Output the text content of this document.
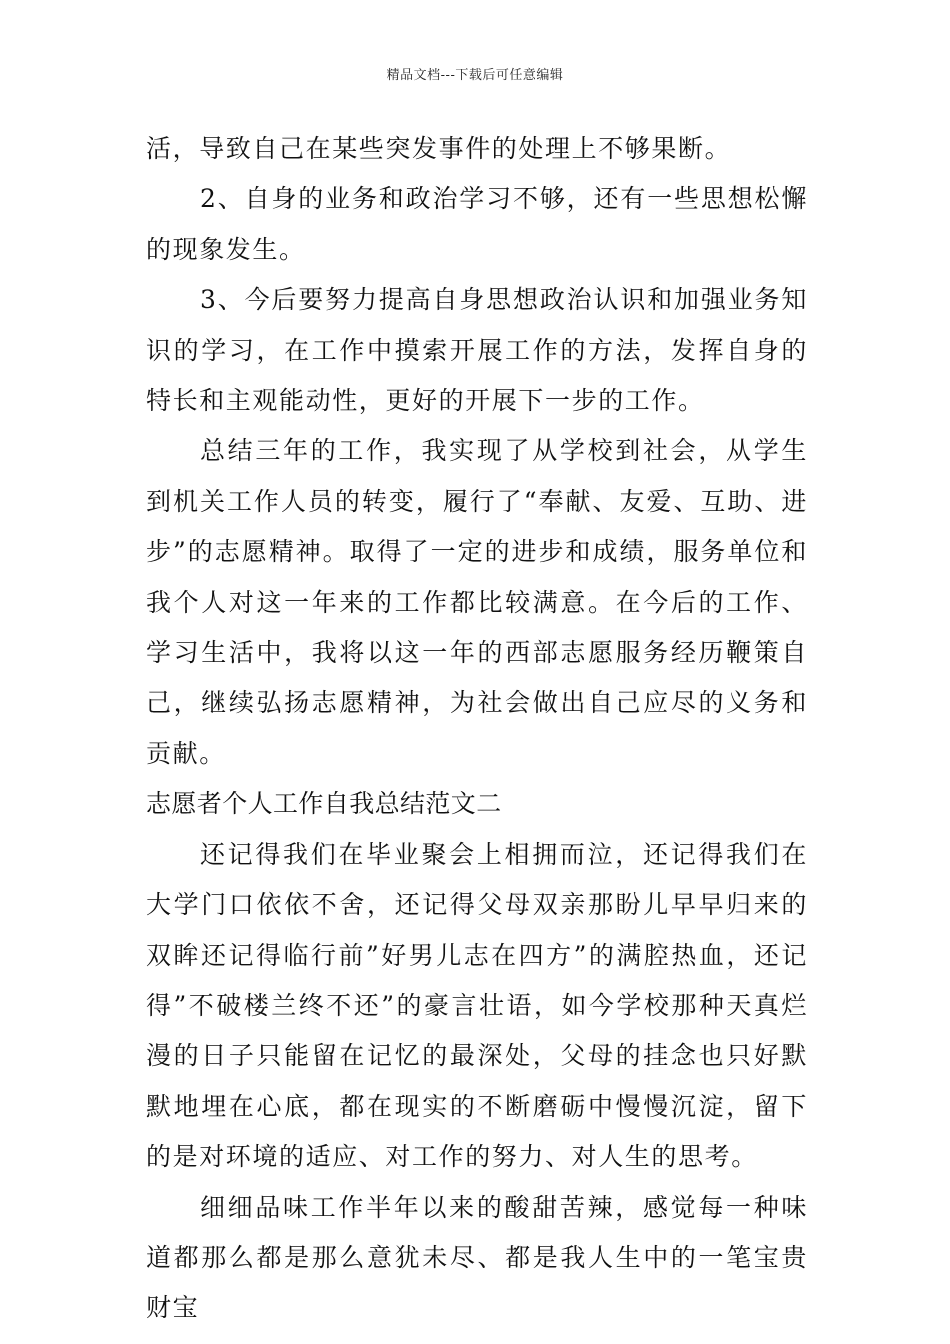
精品文档---下载后可任意编辑

活，导致自己在某些突发事件的处理上不够果断。

2、自身的业务和政治学习不够，还有一些思想松懈的现象发生。

3、今后要努力提高自身思想政治认识和加强业务知识的学习，在工作中摸索开展工作的方法，发挥自身的特长和主观能动性，更好的开展下一步的工作。

总结三年的工作，我实现了从学校到社会，从学生到机关工作人员的转变，履行了“奉献、友爱、互助、进步”的志愿精神。取得了一定的进步和成绩，服务单位和我个人对这一年来的工作都比较满意。在今后的工作、学习生活中，我将以这一年的西部志愿服务经历鞭策自己，继续弘扬志愿精神，为社会做出自己应尽的义务和贡献。

志愿者个人工作自我总结范文二

还记得我们在毕业聚会上相拥而泣，还记得我们在大学门口依依不舍，还记得父母双亲那盼儿早早归来的双眸还记得临行前”好男儿志在四方”的满腔热血，还记得”不破楼兰终不还”的豪言壮语，如今学校那种天真烂漫的日子只能留在记忆的最深处，父母的挂念也只好默默地埋在心底，都在现实的不断磨砺中慢慢沉淀，留下的是对环境的适应、对工作的努力、对人生的思考。

细细品味工作半年以来的酸甜苦辣，感觉每一种味道都那么都是那么意犹未尽、都是我人生中的一笔宝贵财宝
